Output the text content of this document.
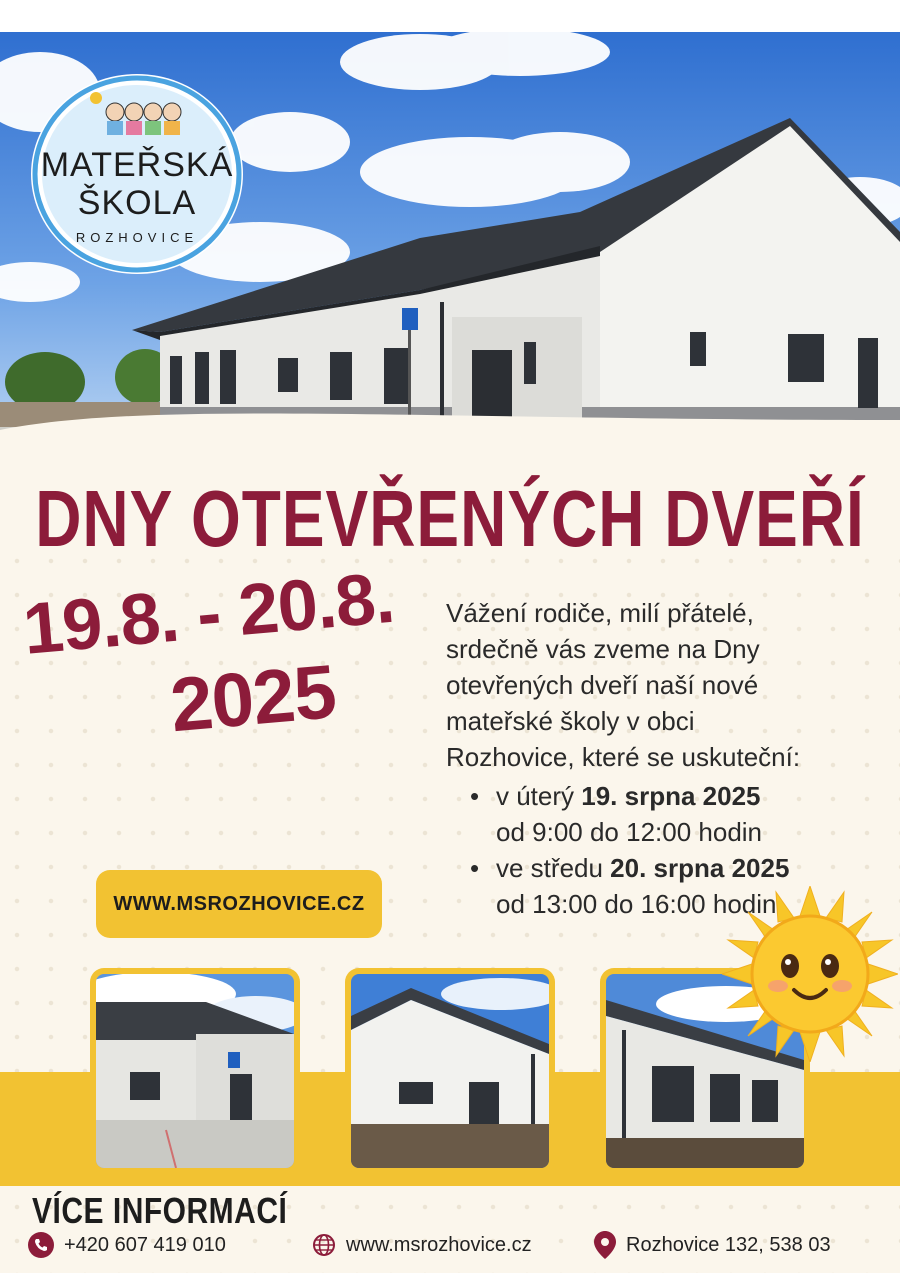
MATEŘSKÁ
ŠKOLA
ROZHOVICE
DNY OTEVŘENÝCH DVEŘÍ
19.8. - 20.8.
2025
Vážení rodiče, milí přátelé,
srdečně vás zveme na Dny
otevřených dveří naší nové
mateřské školy v obci
Rozhovice, které se uskuteční:
• v úterý 19. srpna 2025
od 9:00 do 12:00 hodin
• ve středu 20. srpna 2025
od 13:00 do 16:00 hodin
WWW.MSROZHOVICE.CZ
VÍCE INFORMACÍ
+420 607 419 010	www.msrozhovice.cz	Rozhovice 132, 538 03
